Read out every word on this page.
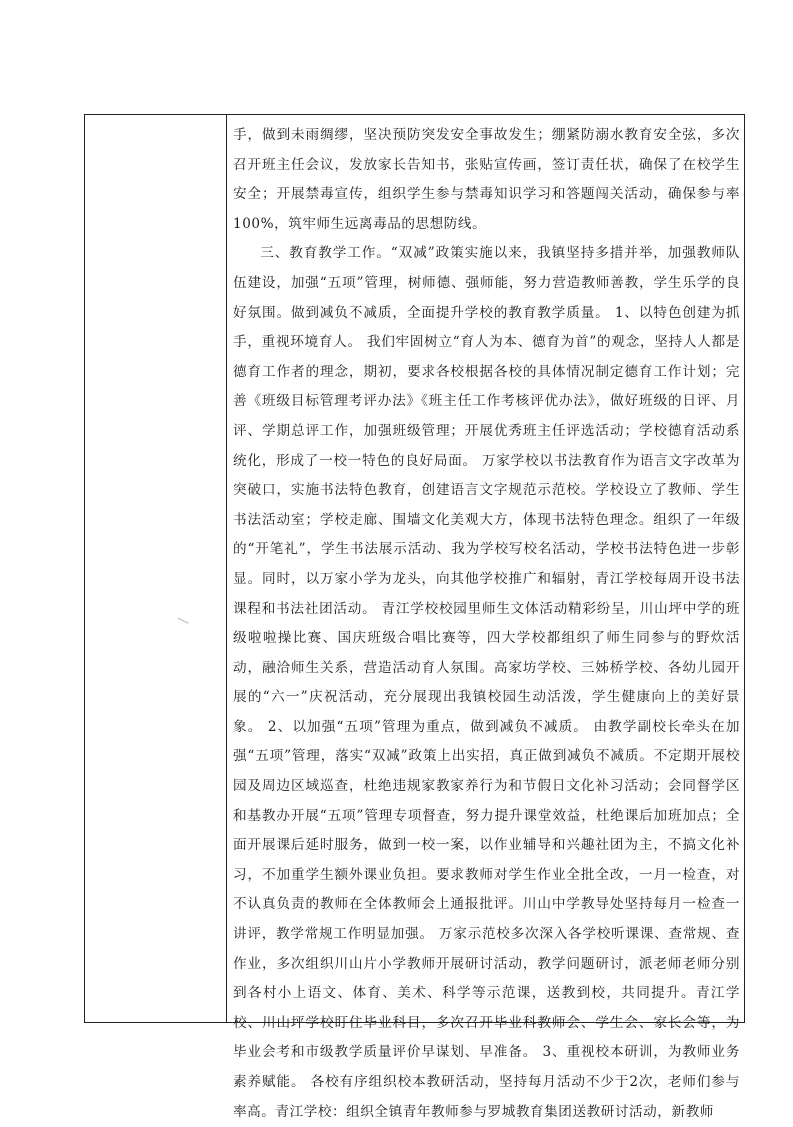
手，做到未雨绸缪，坚决预防突发安全事故发生；绷紧防溺水教育安全弦，多次召开班主任会议，发放家长告知书，张贴宣传画，签订责任状，确保了在校学生安全；开展禁毒宣传，组织学生参与禁毒知识学习和答题闯关活动，确保参与率100%，筑牢师生远离毒品的思想防线。

三、教育教学工作。“双减”政策实施以来，我镇坚持多措并举，加强教师队伍建设，加强“五项”管理，树师德、强师能，努力营造教师善教，学生乐学的良好氛围。做到减负不减质，全面提升学校的教育教学质量。 1、以特色创建为抓手，重视环境育人。 我们牢固树立“育人为本、德育为首”的观念，坚持人人都是德育工作者的理念，期初，要求各校根据各校的具体情况制定德育工作计划；完善《班级目标管理考评办法》《班主任工作考核评优办法》，做好班级的日评、月评、学期总评工作，加强班级管理；开展优秀班主任评选活动；学校德育活动系统化，形成了一校一特色的良好局面。 万家学校以书法教育作为语言文字改革为突破口，实施书法特色教育，创建语言文字规范示范校。学校设立了教师、学生书法活动室；学校走廊、围墙文化美观大方，体现书法特色理念。组织了一年级的“开笔礼”，学生书法展示活动、我为学校写校名活动，学校书法特色进一步彰显。同时，以万家小学为龙头，向其他学校推广和辐射，青江学校每周开设书法课程和书法社团活动。 青江学校校园里师生文体活动精彩纷呈，川山坪中学的班级啦啦操比赛、国庆班级合唱比赛等，四大学校都组织了师生同参与的野炊活动，融洽师生关系，营造活动育人氛围。高家坊学校、三姊桥学校、各幼儿园开展的“六一”庆祝活动，充分展现出我镇校园生动活泼，学生健康向上的美好景象。 2、以加强“五项”管理为重点，做到减负不减质。 由教学副校长牵头在加强“五项”管理，落实“双减”政策上出实招，真正做到减负不减质。不定期开展校园及周边区域巡查，杜绝违规家教家养行为和节假日文化补习活动；会同督学区和基教办开展“五项”管理专项督查，努力提升课堂效益，杜绝课后加班加点；全面开展课后延时服务，做到一校一案，以作业辅导和兴趣社团为主，不搞文化补习，不加重学生额外课业负担。要求教师对学生作业全批全改，一月一检查，对不认真负责的教师在全体教师会上通报批评。川山中学教导处坚持每月一检查一讲评，教学常规工作明显加强。 万家示范校多次深入各学校听课课、查常规、查作业，多次组织川山片小学教师开展研讨活动，教学问题研讨，派老师老师分别到各村小上语文、体育、美术、科学等示范课，送教到校，共同提升。青江学校、川山坪学校盯住毕业科目，多次召开毕业科教师会、学生会、家长会等，为毕业会考和市级教学质量评价早谋划、早准备。 3、重视校本研训，为教师业务素养赋能。 各校有序组织校本教研活动，坚持每月活动不少于2次，老师们参与率高。青江学校：组织全镇青年教师参与罗城教育集团送教研讨活动，新教师
